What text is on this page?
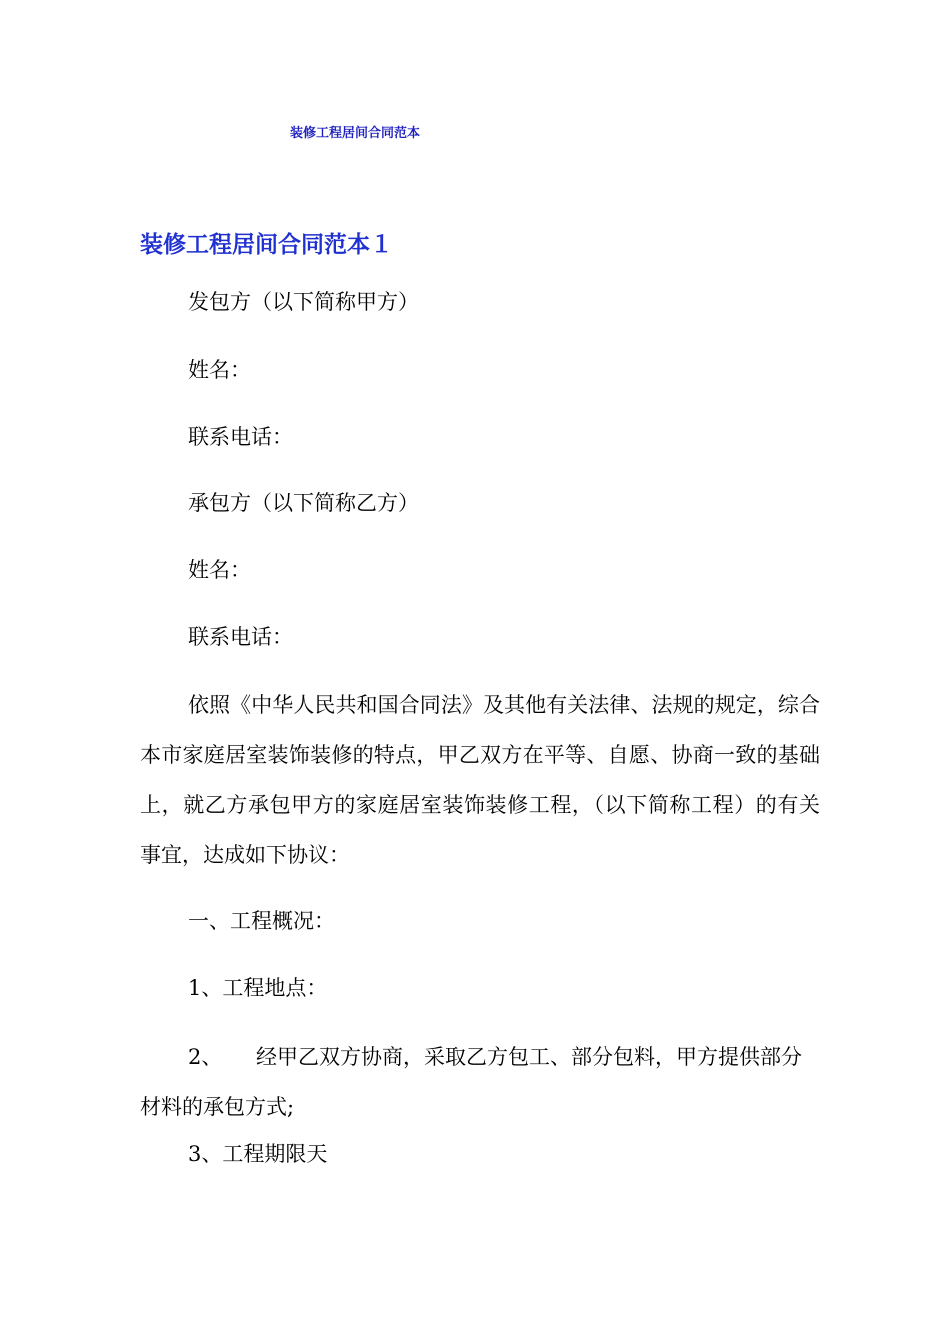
装修工程居间合同范本
装修工程居间合同范本１
发包方（以下简称甲方）
姓名：
联系电话：
承包方（以下简称乙方）
姓名：
联系电话：
依照《中华人民共和国合同法》及其他有关法律、法规的规定，综合本市家庭居室装饰装修的特点，甲乙双方在平等、自愿、协商一致的基础上，就乙方承包甲方的家庭居室装饰装修工程，（以下简称工程）的有关事宜，达成如下协议：
一、工程概况：
1、工程地点：
2、 经甲乙双方协商，采取乙方包工、部分包料，甲方提供部分材料的承包方式;
3、工程期限天
